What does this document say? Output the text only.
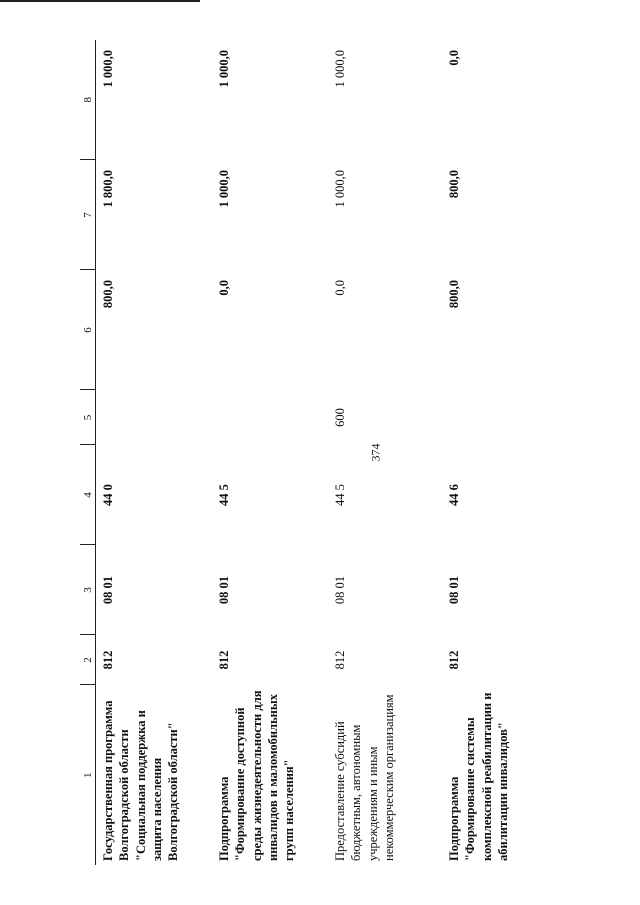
374
1	2	3	4	5	6	7	8
Государственная программа Волгоградской области "Социальная поддержка и защита населения Волгоградской области"	812	08 01	44 0		800,0	1 800,0	1 000,0
Подпрограмма "Формирование доступной среды жизнедеятельности для инвалидов и маломобильных групп населения"	812	08 01	44 5		0,0	1 000,0	1 000,0
Предоставление субсидий бюджетным, автономным учреждениям и иным некоммерческим организациям	812	08 01	44 5	600	0,0	1 000,0	1 000,0
Подпрограмма "Формирование системы комплексной реабилитации и абилитации инвалидов"	812	08 01	44 6		800,0	800,0	0,0
